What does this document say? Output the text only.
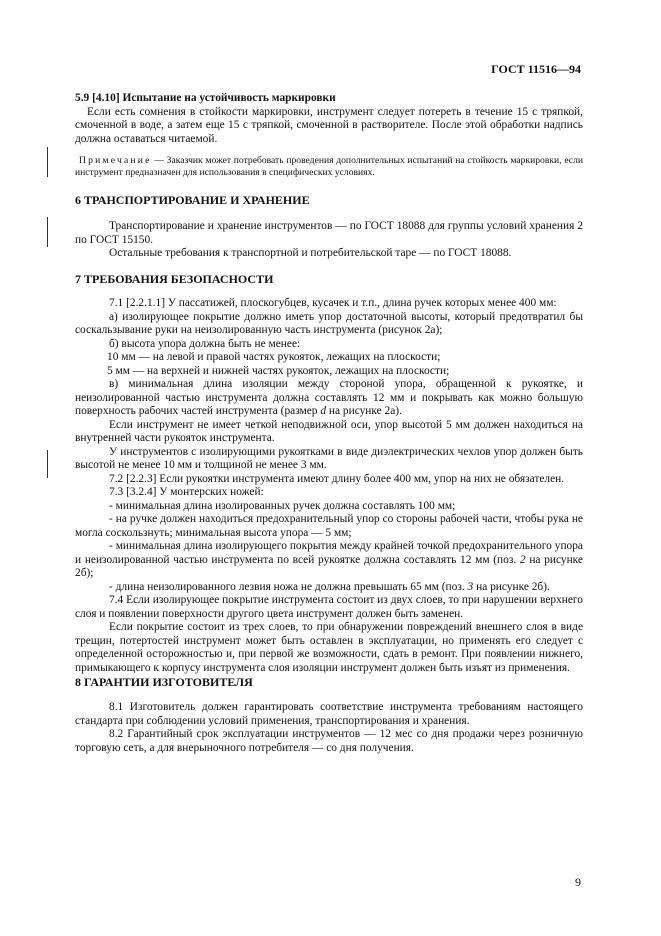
ГОСТ 11516—94

5.9 [4.10] Испытание на устойчивость маркировки

Если есть сомнения в стойкости маркировки, инструмент следует потереть в течение 15 с тряпкой, смоченной в воде, а затем еще 15 с тряпкой, смоченной в растворителе. После этой обработки надпись должна оставаться читаемой.

Примечание — Заказчик может потребовать проведения дополнительных испытаний на стойкость маркировки, если инструмент предназначен для использования в специфических условиях.

6 ТРАНСПОРТИРОВАНИЕ И ХРАНЕНИЕ

Транспортирование и хранение инструментов — по ГОСТ 18088 для группы условий хранения 2 по ГОСТ 15150.

Остальные требования к транспортной и потребительской таре — по ГОСТ 18088.

7 ТРЕБОВАНИЯ БЕЗОПАСНОСТИ

7.1 [2.2.1.1] У пассатижей, плоскогубцев, кусачек и т.п., длина ручек которых менее 400 мм:

а) изолирующее покрытие должно иметь упор достаточной высоты, который предотвратил бы соскальзывание руки на неизолированную часть инструмента (рисунок 2а);

б) высота упора должна быть не менее:

10 мм — на левой и правой частях рукояток, лежащих на плоскости;

5 мм — на верхней и нижней частях рукояток, лежащих на плоскости;

в) минимальная длина изоляции между стороной упора, обращенной к рукоятке, и неизолированной частью инструмента должна составлять 12 мм и покрывать как можно большую поверхность рабочих частей инструмента (размер d на рисунке 2а).

Если инструмент не имеет четкой неподвижной оси, упор высотой 5 мм должен находиться на внутренней части рукояток инструмента.

У инструментов с изолирующими рукоятками в виде диэлектрических чехлов упор должен быть высотой не менее 10 мм и толщиной не менее 3 мм.

7.2 [2.2.3] Если рукоятки инструмента имеют длину более 400 мм, упор на них не обязателен.

7.3 [3.2.4] У монтерских ножей:

- минимальная длина изолированных ручек должна составлять 100 мм;

- на ручке должен находиться предохранительный упор со стороны рабочей части, чтобы рука не могла соскользнуть; минимальная высота упора — 5 мм;

- минимальная длина изолирующего покрытия между крайней точкой предохранительного упора и неизолированной частью инструмента по всей рукоятке должна составлять 12 мм (поз. 2 на рисунке 2б);

- длина неизолированного лезвия ножа не должна превышать 65 мм (поз. 3 на рисунке 2б).

7.4 Если изолирующее покрытие инструмента состоит из двух слоев, то при нарушении верхнего слоя и появлении поверхности другого цвета инструмент должен быть заменен.

Если покрытие состоит из трех слоев, то при обнаружении повреждений внешнего слоя в виде трещин, потертостей инструмент может быть оставлен в эксплуатации, но применять его следует с определенной осторожностью и, при первой же возможности, сдать в ремонт. При появлении нижнего, примыкающего к корпусу инструмента слоя изоляции инструмент должен быть изъят из применения.

8 ГАРАНТИИ ИЗГОТОВИТЕЛЯ

8.1 Изготовитель должен гарантировать соответствие инструмента требованиям настоящего стандарта при соблюдении условий применения, транспортирования и хранения.

8.2 Гарантийный срок эксплуатации инструментов — 12 мес со дня продажи через розничную торговую сеть, а для внерыночного потребителя — со дня получения.

9
